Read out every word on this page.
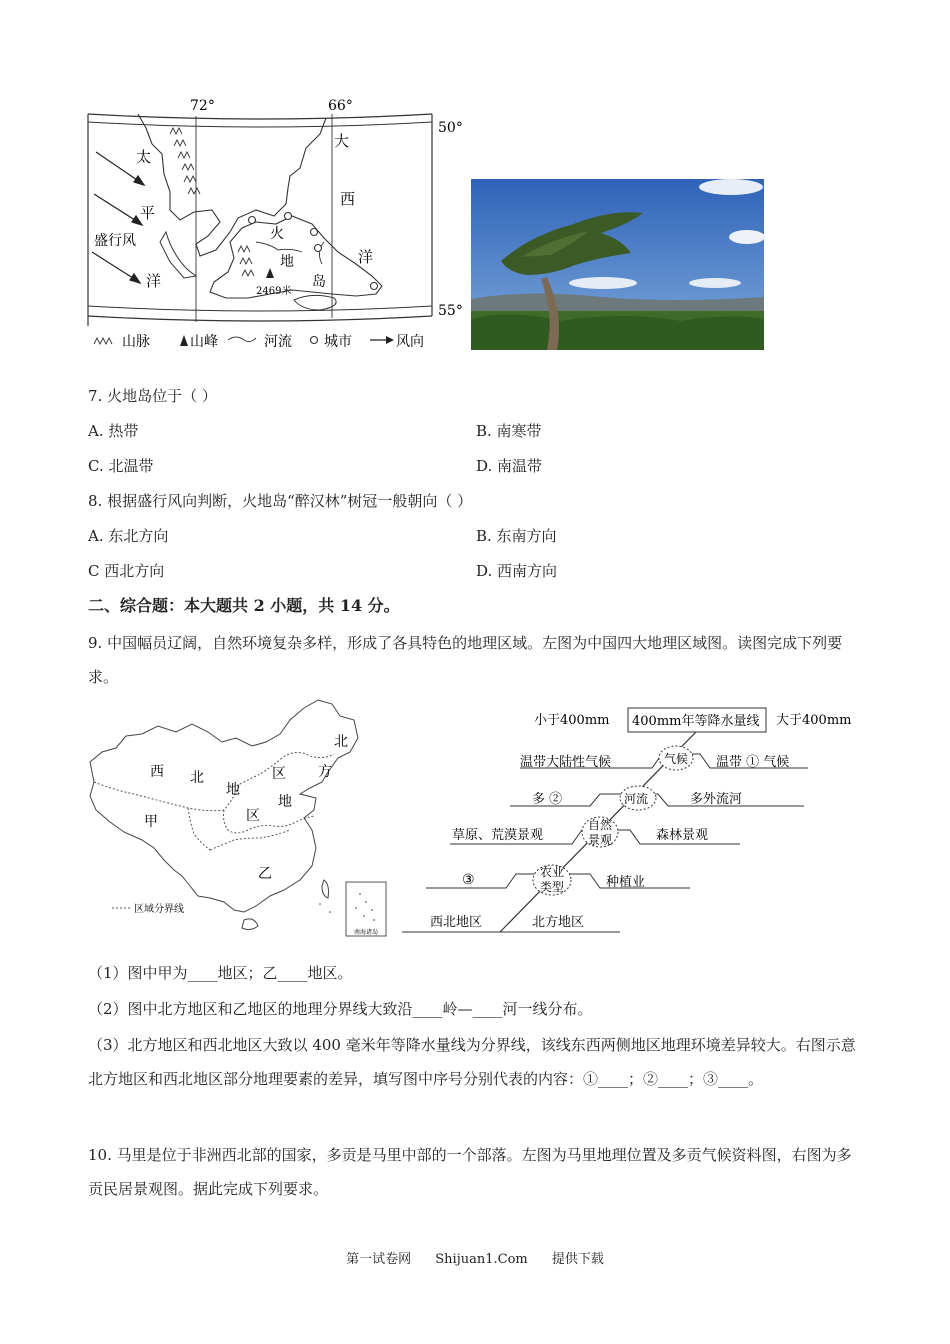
72°	66°
50°
55°
2469米
太
平
盛行风
洋
大
西
洋
火
地
岛
山脉	山峰	河流 城市	风向
7. 火地岛位于（ ）
A. 热带	B. 南寒带
C. 北温带	D. 南温带
8. 根据盛行风向判断，火地岛“醉汉林”树冠一般朝向（ ）
A. 东北方向	B. 东南方向
C 西北方向	D. 西南方向
二、综合题：本大题共 2 小题，共 14 分。
9. 中国幅员辽阔，自然环境复杂多样，形成了各具特色的地理区域。左图为中国四大地理区域图。读图完成下列要求。
西 北	区
北
方
地
地
区
甲
乙
区域分界线
南海诸岛
小于400mm 400mm年等降水量线 大于400mm
温带大陆性气候	气候 温带 ① 气候
多 ②	河流	多外流河
草原、荒漠景观
自然
景观	森林景观
③	农业
类型	种植业
西北地区	北方地区
（1）图中甲为____地区；乙____地区。
（2）图中北方地区和乙地区的地理分界线大致沿____岭—____河一线分布。
（3）北方地区和西北地区大致以 400 毫米年等降水量线为分界线，该线东西两侧地区地理环境差异较大。右图示意北方地区和西北地区部分地理要素的差异，填写图中序号分别代表的内容：①____；②____；③____。
10. 马里是位于非洲西北部的国家，多贡是马里中部的一个部落。左图为马里地理位置及多贡气候资料图，右图为多贡民居景观图。据此完成下列要求。
第一试卷网 Shijuan1.Com 提供下载
